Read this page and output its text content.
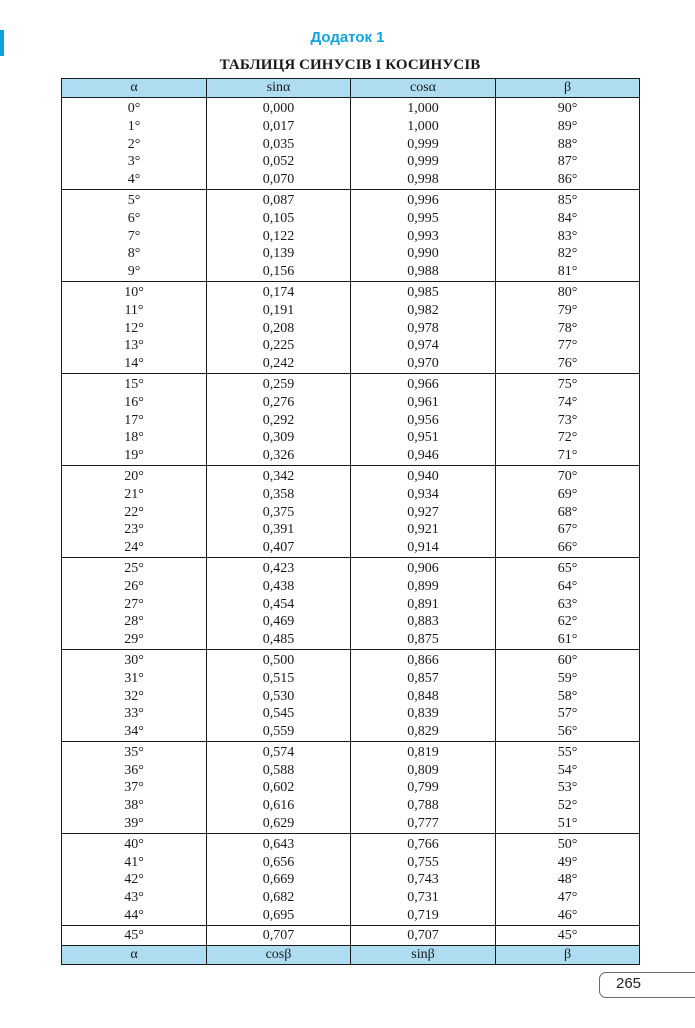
Додаток 1
ТАБЛИЦЯ СИНУСІВ І КОСИНУСІВ
α	sinα	cosα	β
0°	0,000	1,000	90°
1°	0,017	1,000	89°
2°	0,035	0,999	88°
3°	0,052	0,999	87°
4°	0,070	0,998	86°
5°	0,087	0,996	85°
6°	0,105	0,995	84°
7°	0,122	0,993	83°
8°	0,139	0,990	82°
9°	0,156	0,988	81°
10°	0,174	0,985	80°
11°	0,191	0,982	79°
12°	0,208	0,978	78°
13°	0,225	0,974	77°
14°	0,242	0,970	76°
15°	0,259	0,966	75°
16°	0,276	0,961	74°
17°	0,292	0,956	73°
18°	0,309	0,951	72°
19°	0,326	0,946	71°
20°	0,342	0,940	70°
21°	0,358	0,934	69°
22°	0,375	0,927	68°
23°	0,391	0,921	67°
24°	0,407	0,914	66°
25°	0,423	0,906	65°
26°	0,438	0,899	64°
27°	0,454	0,891	63°
28°	0,469	0,883	62°
29°	0,485	0,875	61°
30°	0,500	0,866	60°
31°	0,515	0,857	59°
32°	0,530	0,848	58°
33°	0,545	0,839	57°
34°	0,559	0,829	56°
35°	0,574	0,819	55°
36°	0,588	0,809	54°
37°	0,602	0,799	53°
38°	0,616	0,788	52°
39°	0,629	0,777	51°
40°	0,643	0,766	50°
41°	0,656	0,755	49°
42°	0,669	0,743	48°
43°	0,682	0,731	47°
44°	0,695	0,719	46°
45°	0,707	0,707	45°
α	cosβ	sinβ	β
265
